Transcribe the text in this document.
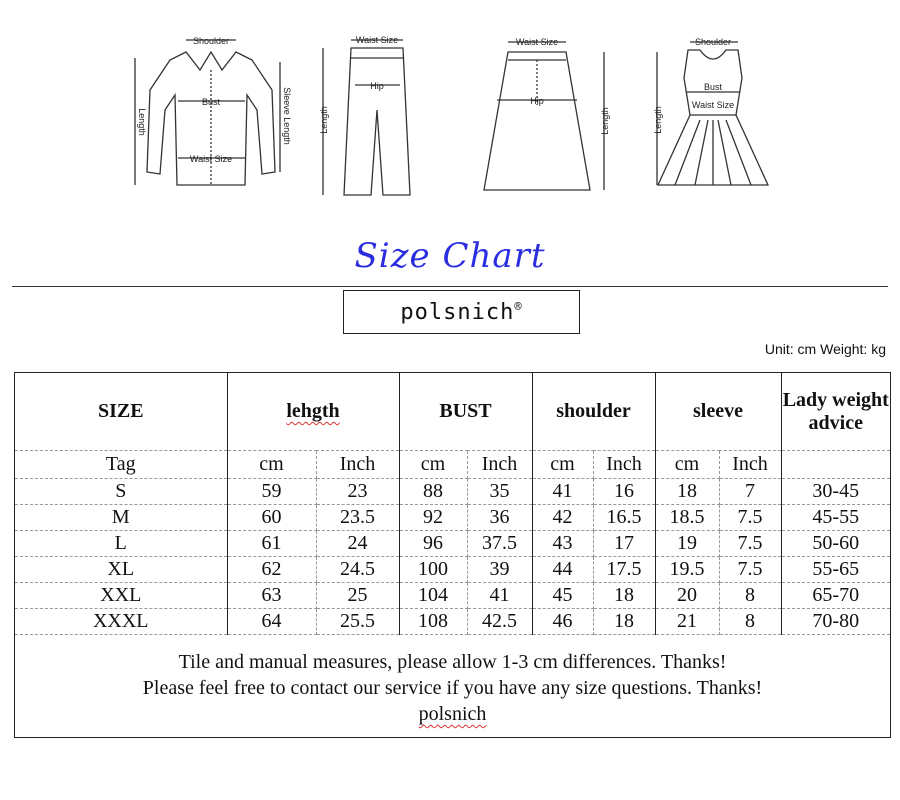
Shoulder
Bust
Waist Size
Length	Sleeve Length
Waist Size
Hip
Length
Waist Size
Hip
Length
Shoulder
Bust
Waist Size
Length
Size Chart
polsnich®
Unit: cm Weight: kg
SIZE	lehgth		BUST		shoulder		sleeve		Lady weight advice
Tag	cm	Inch	cm	Inch	cm	Inch	cm	Inch	
S	59	23	88	35	41	16	18	7	30-45
M	60	23.5	92	36	42	16.5	18.5	7.5	45-55
L	61	24	96	37.5	43	17	19	7.5	50-60
XL	62	24.5	100	39	44	17.5	19.5	7.5	55-65
XXL	63	25	104	41	45	18	20	8	65-70
XXXL	64	25.5	108	42.5	46	18	21	8	70-80
Tile and manual measures, please allow 1-3 cm differences. Thanks!
Please feel free to contact our service if you have any size questions. Thanks!
polsnich
